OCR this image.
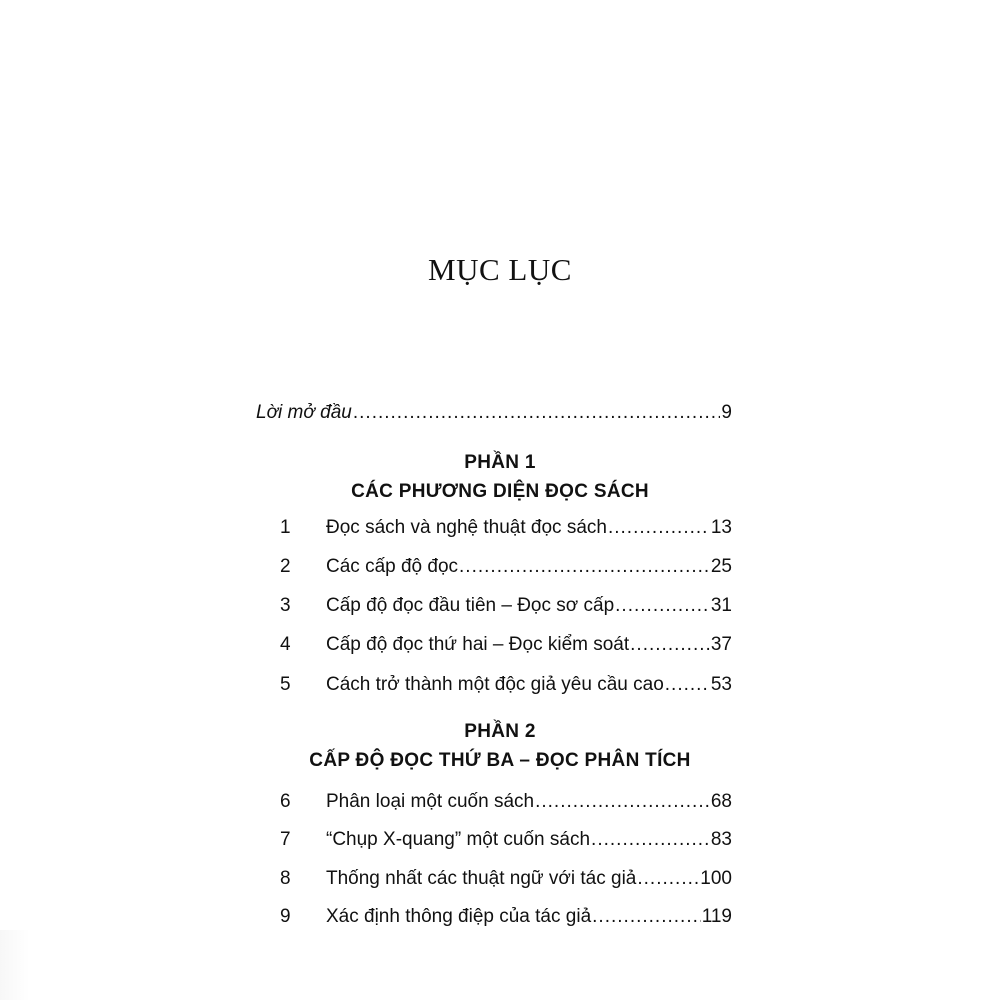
MỤC LỤC
Lời mở đầu .....	9
PHẦN 1
CÁC PHƯƠNG DIỆN ĐỌC SÁCH
1	Đọc sách và nghệ thuật đọc sách .....	13
2	Các cấp độ đọc .....	25
3	Cấp độ đọc đầu tiên – Đọc sơ cấp .....	31
4	Cấp độ đọc thứ hai – Đọc kiểm soát .....	37
5	Cách trở thành một độc giả yêu cầu cao ..... 53
PHẦN 2
CẤP ĐỘ ĐỌC THỨ BA – ĐỌC PHÂN TÍCH
6	Phân loại một cuốn sách .....	68
7	“Chụp X-quang” một cuốn sách .....	83
8	Thống nhất các thuật ngữ với tác giả .....	100
9	Xác định thông điệp của tác giả .....	119
